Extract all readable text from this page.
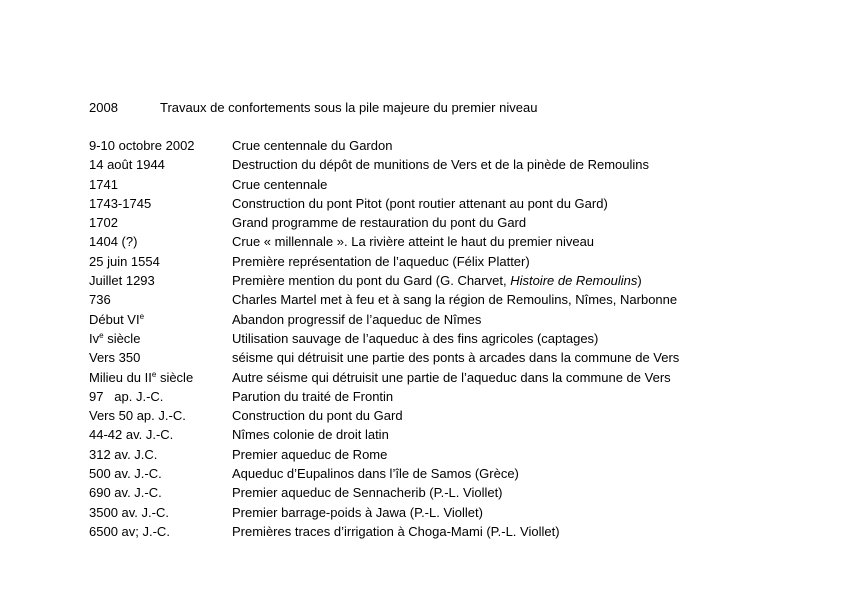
2008	Travaux de confortements sous la pile majeure du premier niveau
9-10 octobre 2002	Crue centennale du Gardon
14 août 1944	Destruction du dépôt de munitions de Vers et de la pinède de Remoulins
1741	Crue centennale
1743-1745	Construction du pont Pitot (pont routier attenant au pont du Gard)
1702	Grand programme de restauration du pont du Gard
1404 (?)	Crue « millennale ». La rivière atteint le haut du premier niveau
25 juin 1554	Première représentation de l’aqueduc (Félix Platter)
Juillet 1293	Première mention du pont du Gard (G. Charvet, Histoire de Remoulins)
736	Charles Martel met à feu et à sang la région de Remoulins, Nîmes, Narbonne
Début VIe	Abandon progressif de l’aqueduc de Nîmes
Iv$^e$ siècle	Utilisation sauvage de l’aqueduc à des fins agricoles (captages)
Vers 350	séisme qui détruisit une partie des ponts à arcades dans la commune de Vers
Milieu du IIe siècle	Autre séisme qui détruisit une partie de l’aqueduc dans la commune de Vers
97   ap. J.-C.	Parution du traité de Frontin
Vers 50 ap. J.-C.	Construction du pont du Gard
44-42 av. J.-C.	Nîmes colonie de droit latin
312 av. J.C.	Premier aqueduc de Rome
500 av. J.-C.	Aqueduc d’Eupalinos dans l’île de Samos (Grèce)
690 av. J.-C.	Premier aqueduc de Sennacherib (P.-L. Viollet)
3500 av. J.-C.	Premier barrage-poids à Jawa (P.-L. Viollet)
6500 av; J.-C.	Premières traces d’irrigation à Choga-Mami (P.-L. Viollet)
